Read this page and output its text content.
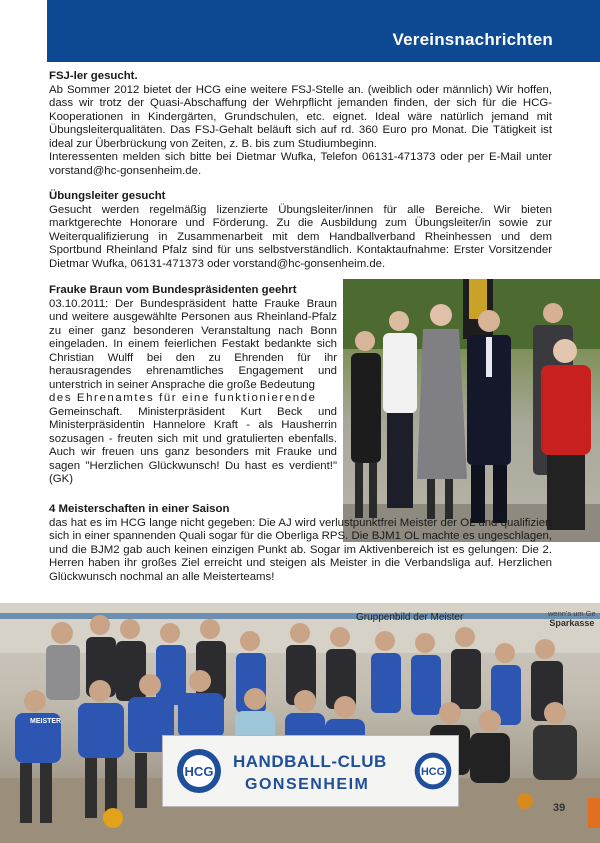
Vereinsnachrichten

FSJ-ler gesucht.

Ab Sommer 2012 bietet der HCG eine weitere FSJ-Stelle an. (weiblich oder männlich) Wir hoffen, dass wir trotz der Quasi-Abschaffung der Wehrpflicht jemanden finden, der sich für die HCG-Kooperationen in Kindergärten, Grundschulen, etc. eignet. Ideal wäre natürlich jemand mit Übungsleiterqualitäten. Das FSJ-Gehalt beläuft sich auf rd. 360 Euro pro Monat. Die Tätigkeit ist ideal zur Überbrückung von Zeiten, z. B. bis zum Studiumbeginn.

Interessenten melden sich bitte bei Dietmar Wufka, Telefon 06131-471373 oder per E-Mail unter vorstand@hc-gonsenheim.de.

Übungsleiter gesucht

Gesucht werden regelmäßig lizenzierte Übungsleiter/innen für alle Bereiche. Wir bieten marktgerechte Honorare und Förderung. Zu die Ausbildung zum Übungsleiter/in sowie zur Weiterqualifizierung in Zusammenarbeit mit dem Handballverband Rheinhessen und dem Sportbund Rheinland Pfalz sind für uns selbstverständlich. Kontaktaufnahme: Erster Vorsitzender Dietmar Wufka, 06131-471373 oder vorstand@hc-gonsenheim.de.

Frauke Braun vom Bundespräsidenten geehrt

03.10.2011: Der Bundespräsident hatte Frauke Braun und weitere ausgewählte Personen aus Rheinland-Pfalz zu einer ganz besonderen Veranstaltung nach Bonn eingeladen. In einem feierlichen Festakt bedankte sich Christian Wulff bei den zu Ehrenden für ihr herausragendes ehrenamtliches Engagement und unterstrich in seiner Ansprache die große Bedeutung

des Ehrenamtes für eine funktionierende

Gemeinschaft. Ministerpräsident Kurt Beck und Ministerpräsidentin Hannelore Kraft - als Hausherrin sozusagen - freuten sich mit und gratulierten ebenfalls. Auch wir freuen uns ganz besonders mit Frauke und sagen "Herzlichen Glückwunsch! Du hast es verdient!" (GK)

4 Meisterschaften in einer Saison

das hat es im HCG lange nicht gegeben: Die AJ wird verlustpunktfrei Meister der OL und qualifiziert sich in einer spannenden Quali sogar für die Oberliga RPS. Die BJM1 OL machte es ungeschlagen, und die BJM2 gab auch keinen einzigen Punkt ab. Sogar im Aktivenbereich ist es gelungen: Die 2. Herren haben ihr großes Ziel erreicht und steigen als Meister in die Verbandsliga auf. Herzlichen Glückwunsch nochmal an alle Meisterteams!

MEISTER
Gruppenbild der Meister	wenn's um Ge
Sparkasse
HCG
HANDBALL-CLUB
GONSENHEIM
HCG
39
